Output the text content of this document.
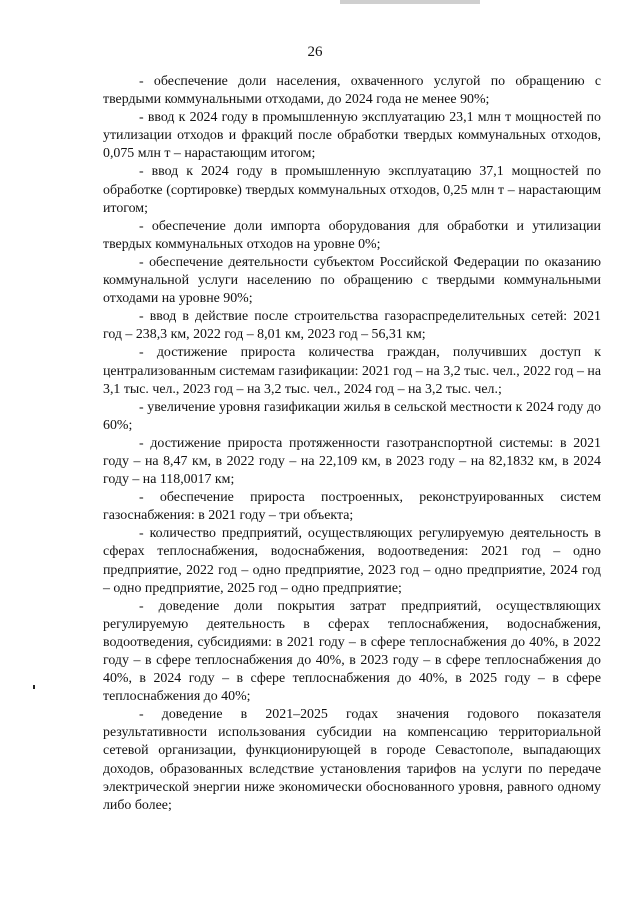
26

- обеспечение доли населения, охваченного услугой по обращению с твердыми коммунальными отходами, до 2024 года не менее 90%;

- ввод к 2024 году в промышленную эксплуатацию 23,1 млн т мощностей по утилизации отходов и фракций после обработки твердых коммунальных отходов, 0,075 млн т – нарастающим итогом;

- ввод к 2024 году в промышленную эксплуатацию 37,1 мощностей по обработке (сортировке) твердых коммунальных отходов, 0,25 млн т – нарастающим итогом;

- обеспечение доли импорта оборудования для обработки и утилизации твердых коммунальных отходов на уровне 0%;

- обеспечение деятельности субъектом Российской Федерации по оказанию коммунальной услуги населению по обращению с твердыми коммунальными отходами на уровне 90%;

- ввод в действие после строительства газораспределительных сетей: 2021 год – 238,3 км, 2022 год – 8,01 км, 2023 год – 56,31 км;

- достижение прироста количества граждан, получивших доступ к централизованным системам газификации: 2021 год – на 3,2 тыс. чел., 2022 год – на 3,1 тыс. чел., 2023 год – на 3,2 тыс. чел., 2024 год – на 3,2 тыс. чел.;

- увеличение уровня газификации жилья в сельской местности к 2024 году до 60%;

- достижение прироста протяженности газотранспортной системы: в 2021 году – на 8,47 км, в 2022 году – на 22,109 км, в 2023 году – на 82,1832 км, в 2024 году – на 118,0017 км;

- обеспечение прироста построенных, реконструированных систем газоснабжения: в 2021 году – три объекта;

- количество предприятий, осуществляющих регулируемую деятельность в сферах теплоснабжения, водоснабжения, водоотведения: 2021 год – одно предприятие, 2022 год – одно предприятие, 2023 год – одно предприятие, 2024 год – одно предприятие, 2025 год – одно предприятие;

- доведение доли покрытия затрат предприятий, осуществляющих регулируемую деятельность в сферах теплоснабжения, водоснабжения, водоотведения, субсидиями: в 2021 году – в сфере теплоснабжения до 40%, в 2022 году – в сфере теплоснабжения до 40%, в 2023 году – в сфере теплоснабжения до 40%, в 2024 году – в сфере теплоснабжения до 40%, в 2025 году – в сфере теплоснабжения до 40%;

- доведение в 2021–2025 годах значения годового показателя результативности использования субсидии на компенсацию территориальной сетевой организации, функционирующей в городе Севастополе, выпадающих доходов, образованных вследствие установления тарифов на услуги по передаче электрической энергии ниже экономически обоснованного уровня, равного одному либо более;
